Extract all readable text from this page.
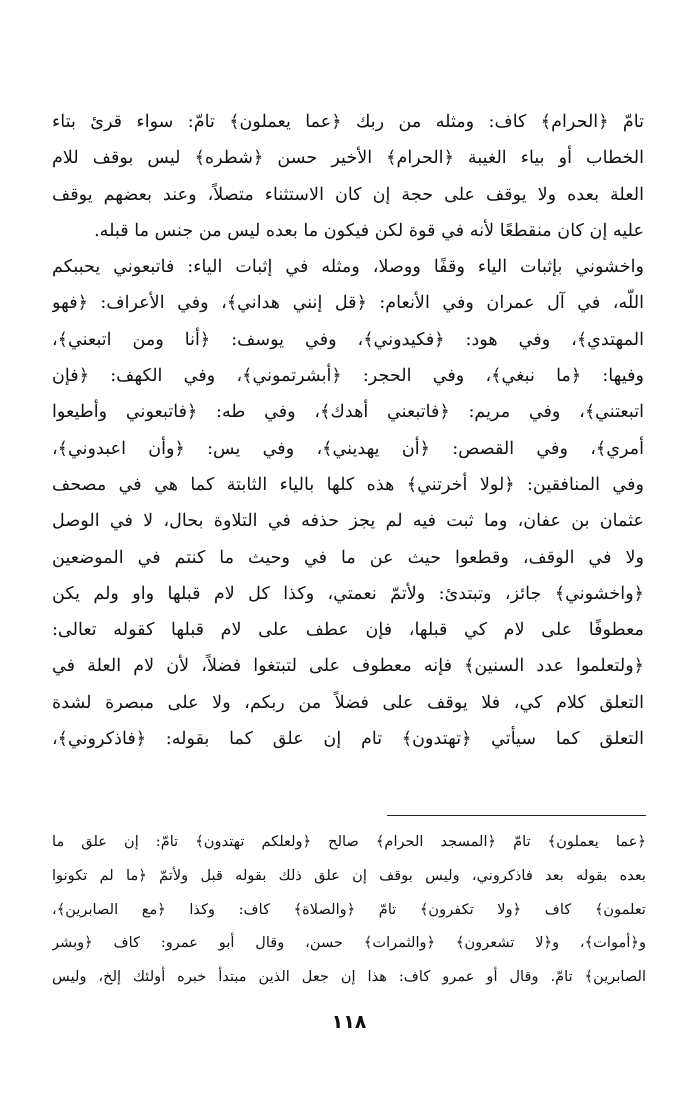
تامّ ﴿الحرام﴾ كاف: ومثله من ربك ﴿عما يعملون﴾ تامّ: سواء قرئ بتاء
الخطاب أو بياء الغيبة ﴿الحرام﴾ الأخير حسن ﴿شطره﴾ ليس بوقف للام
العلة بعده ولا يوقف على حجة إن كان الاستثناء متصلاً، وعند بعضهم يوقف
عليه إن كان منقطعًا لأنه في قوة لكن فيكون ما بعده ليس من جنس ما قبله.
واخشوني بإثبات الياء وقفًا ووصلا، ومثله في إثبات الياء: فاتبعوني يحببكم
اللّه، في آل عمران وفي الأنعام: ﴿قل إنني هداني﴾، وفي الأعراف: ﴿فهو
المهتدي﴾، وفي هود: ﴿فكيدوني﴾، وفي يوسف: ﴿أنا ومن اتبعني﴾،
وفيها: ﴿ما نبغي﴾، وفي الحجر: ﴿أبشرتموني﴾، وفي الكهف: ﴿فإن
اتبعتني﴾، وفي مريم: ﴿فاتبعني أهدك﴾، وفي طه: ﴿فاتبعوني وأطيعوا
أمري﴾، وفي القصص: ﴿أن يهديني﴾، وفي يس: ﴿وأن اعبدوني﴾،
وفي المنافقين: ﴿لولا أخرتني﴾ هذه كلها بالياء الثابتة كما هي في مصحف
عثمان بن عفان، وما ثبت فيه لم يجز حذفه في التلاوة بحال، لا في الوصل
ولا في الوقف، وقطعوا حيث عن ما في وحيث ما كنتم في الموضعين
﴿واخشوني﴾ جائز، وتبتدئ: ولأتمّ نعمتي، وكذا كل لام قبلها واو ولم يكن
معطوفًا على لام كي قبلها، فإن عطف على لام قبلها كقوله تعالى:
﴿ولتعلموا عدد السنين﴾ فإنه معطوف على لتبتغوا فضلاً، لأن لام العلة في
التعلق كلام كي، فلا يوقف على فضلاً من ربكم، ولا على مبصرة لشدة
التعلق كما سيأتي ﴿تهتدون﴾ تام إن علق كما بقوله: ﴿فاذكروني﴾،
﴿عما يعملون﴾ تامّ ﴿المسجد الحرام﴾ صالح ﴿ولعلكم تهتدون﴾ تامّ: إن علق ما
بعده بقوله بعد فاذكروني، وليس بوقف إن علق ذلك بقوله قبل ولأتمّ ﴿ما لم تكونوا
تعلمون﴾ كاف ﴿ولا تكفرون﴾ تامّ ﴿والصلاة﴾ كاف: وكذا ﴿مع الصابرين﴾،
و﴿أموات﴾، و﴿لا تشعرون﴾ ﴿والثمرات﴾ حسن، وقال أبو عمرو: كاف ﴿وبشر
الصابرين﴾ تامّ. وقال أو عمرو كاف: هذا إن جعل الذين مبتدأ خبره أولئك إلخ، وليس
١١٨
